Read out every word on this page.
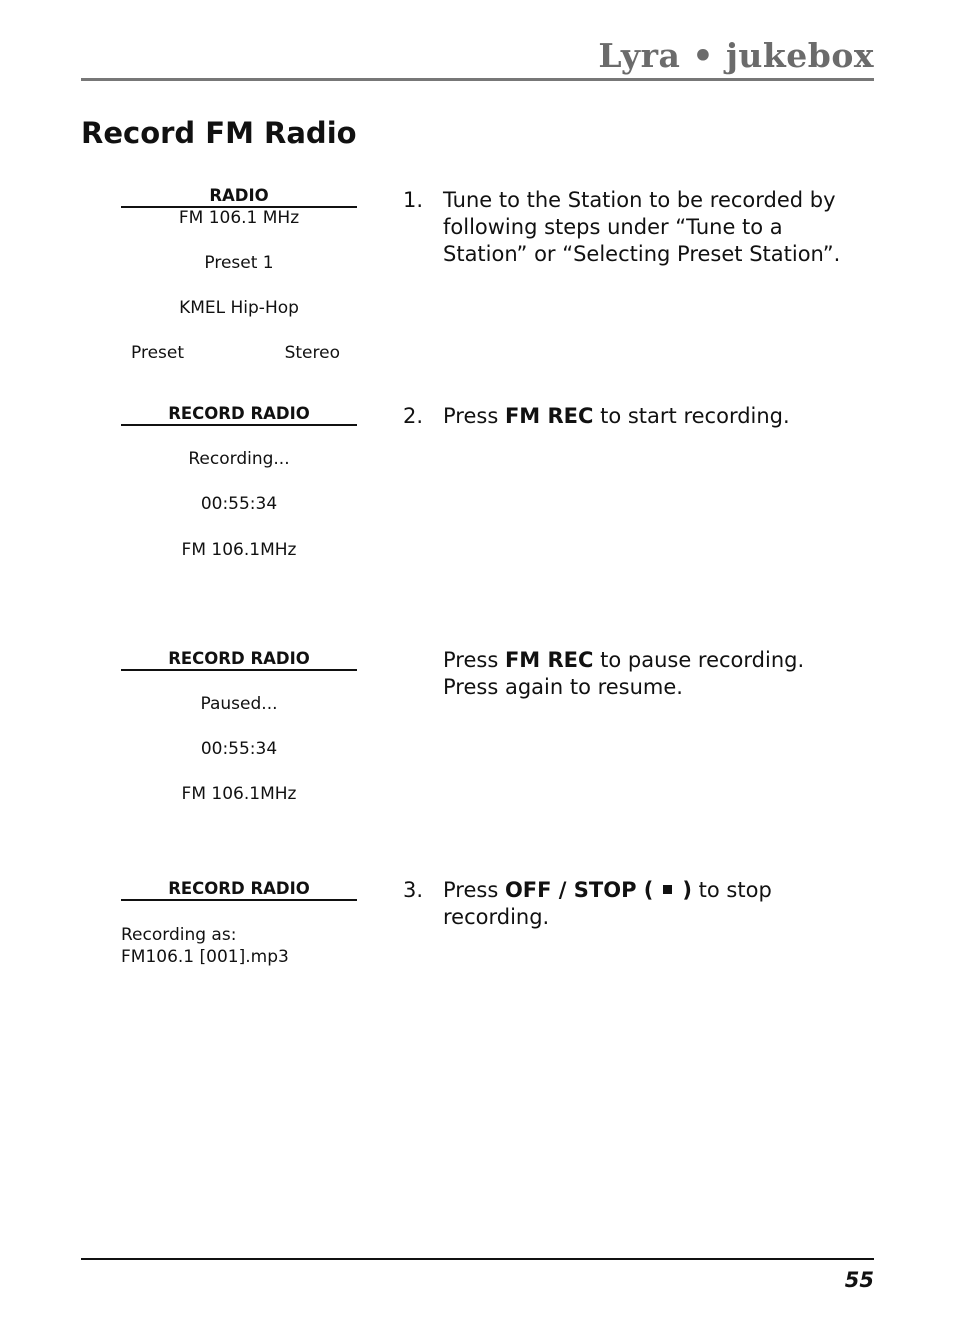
Lyra • jukebox
Record FM Radio
RADIO
FM 106.1 MHz
Preset 1
KMEL Hip-Hop
Preset	Stereo
RECORD RADIO
Recording...
00:55:34
FM 106.1MHz
RECORD RADIO
Paused...
00:55:34
FM 106.1MHz
RECORD RADIO
Recording as:
FM106.1 [001].mp3
1. Tune to the Station to be recorded by following steps under “Tune to a Station” or “Selecting Preset Station”.
2. Press FM REC to start recording.
Press FM REC to pause recording. Press again to resume.
3. Press OFF / STOP ( ) to stop recording.
55
